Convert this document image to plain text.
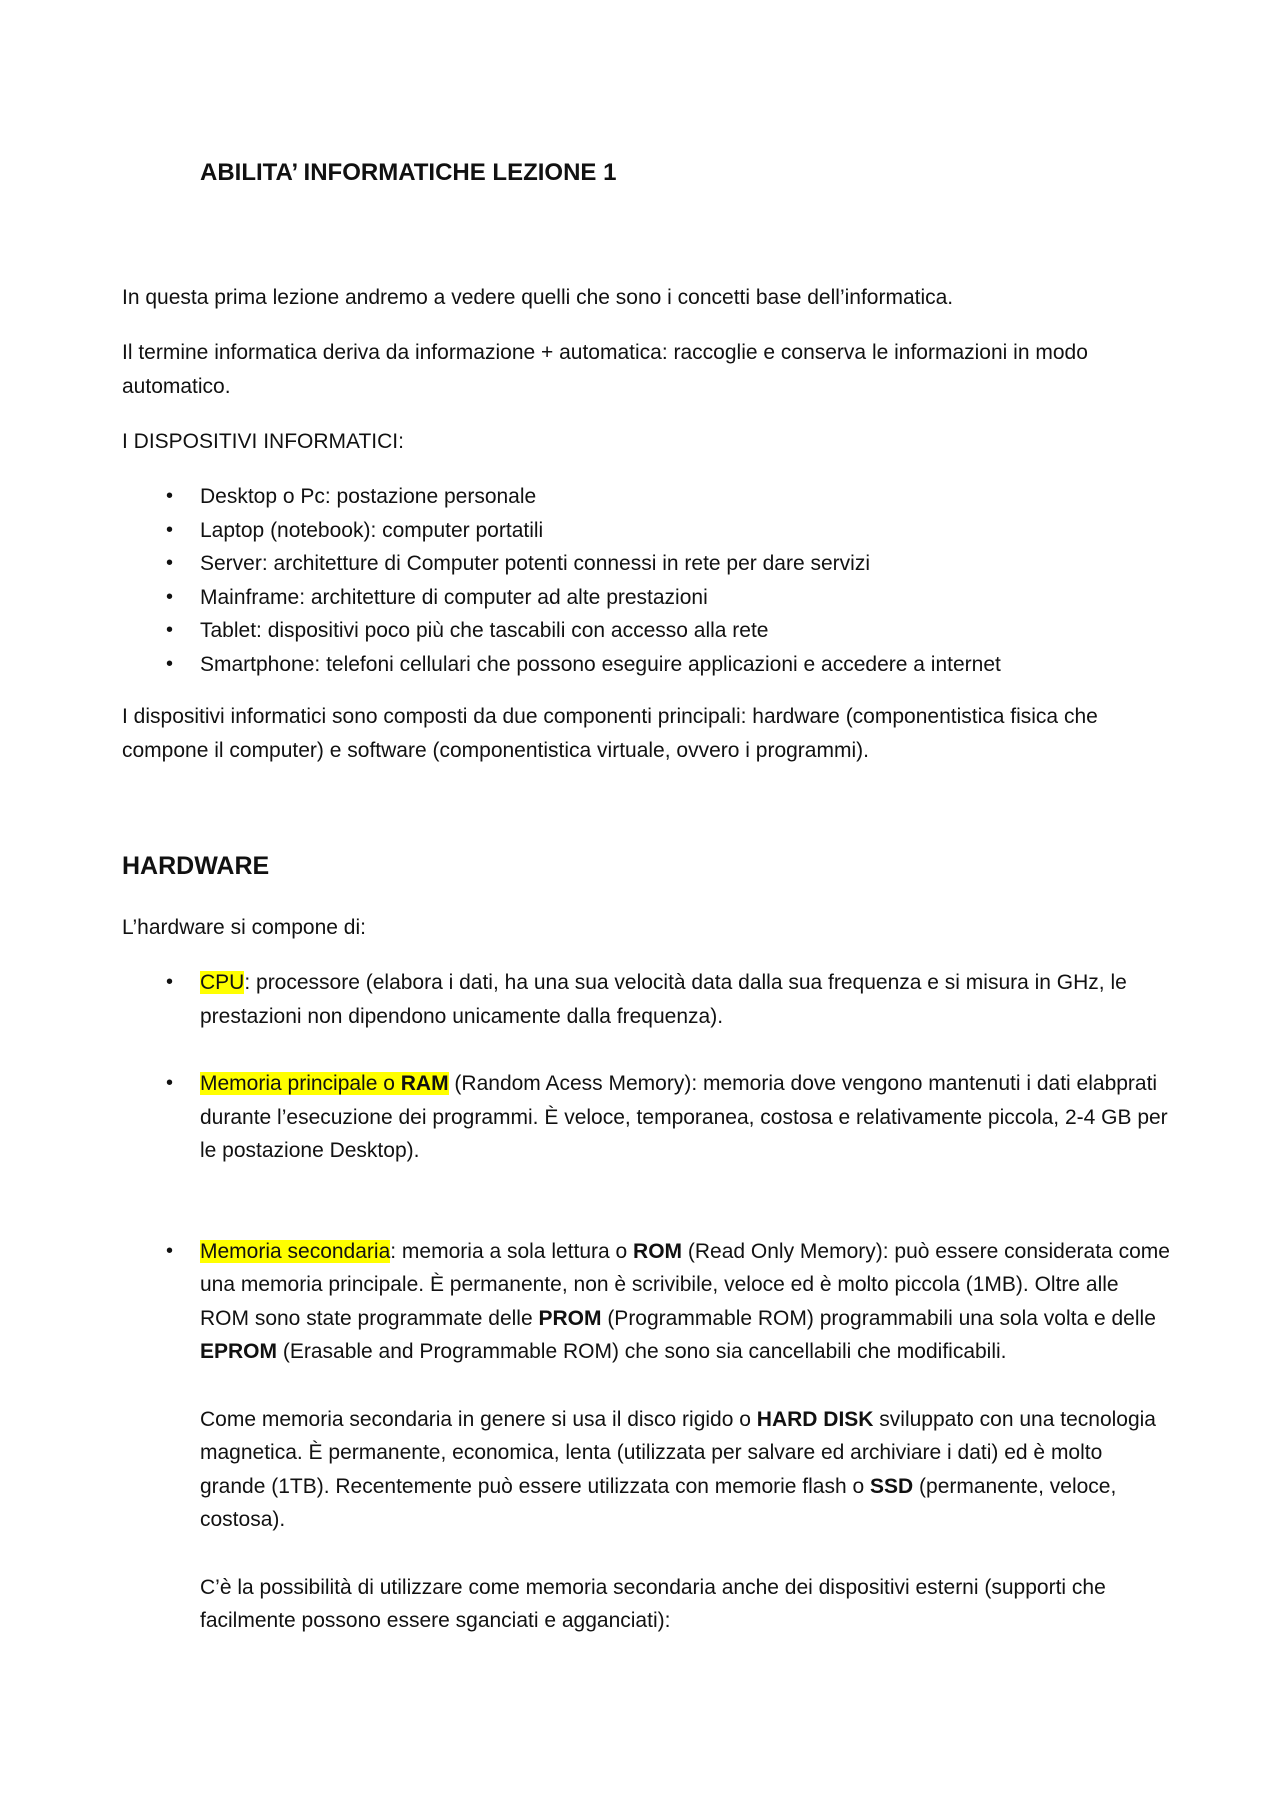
ABILITA’ INFORMATICHE LEZIONE 1

In questa prima lezione andremo a vedere quelli che sono i concetti base dell’informatica.

Il termine informatica deriva da informazione + automatica: raccoglie e conserva le informazioni in modo automatico.

I DISPOSITIVI INFORMATICI:

•	Desktop o Pc: postazione personale
•	Laptop (notebook): computer portatili
•	Server: architetture di Computer potenti connessi in rete per dare servizi
•	Mainframe: architetture di computer ad alte prestazioni
•	Tablet: dispositivi poco più che tascabili con accesso alla rete
•	Smartphone: telefoni cellulari che possono eseguire applicazioni e accedere a internet

I dispositivi informatici sono composti da due componenti principali: hardware (componentistica fisica che compone il computer) e software (componentistica virtuale, ovvero i programmi).

HARDWARE

L’hardware si compone di:

•	CPU: processore (elabora i dati, ha una sua velocità data dalla sua frequenza e si misura in GHz, le prestazioni non dipendono unicamente dalla frequenza).
•	Memoria principale o RAM (Random Acess Memory): memoria dove vengono mantenuti i dati elabprati durante l’esecuzione dei programmi. È veloce, temporanea, costosa e relativamente piccola, 2-4 GB per le postazione Desktop).
•	Memoria secondaria: memoria a sola lettura o ROM (Read Only Memory): può essere considerata come una memoria principale. È permanente, non è scrivibile, veloce ed è molto piccola (1MB). Oltre alle ROM sono state programmate delle PROM (Programmable ROM) programmabili una sola volta e delle EPROM (Erasable and Programmable ROM) che sono sia cancellabili che modificabili.
Come memoria secondaria in genere si usa il disco rigido o HARD DISK sviluppato con una tecnologia magnetica. È permanente, economica, lenta (utilizzata per salvare ed archiviare i dati) ed è molto grande (1TB). Recentemente può essere utilizzata con memorie flash o SSD (permanente, veloce, costosa).
C’è la possibilità di utilizzare come memoria secondaria anche dei dispositivi esterni (supporti che facilmente possono essere sganciati e agganciati):
